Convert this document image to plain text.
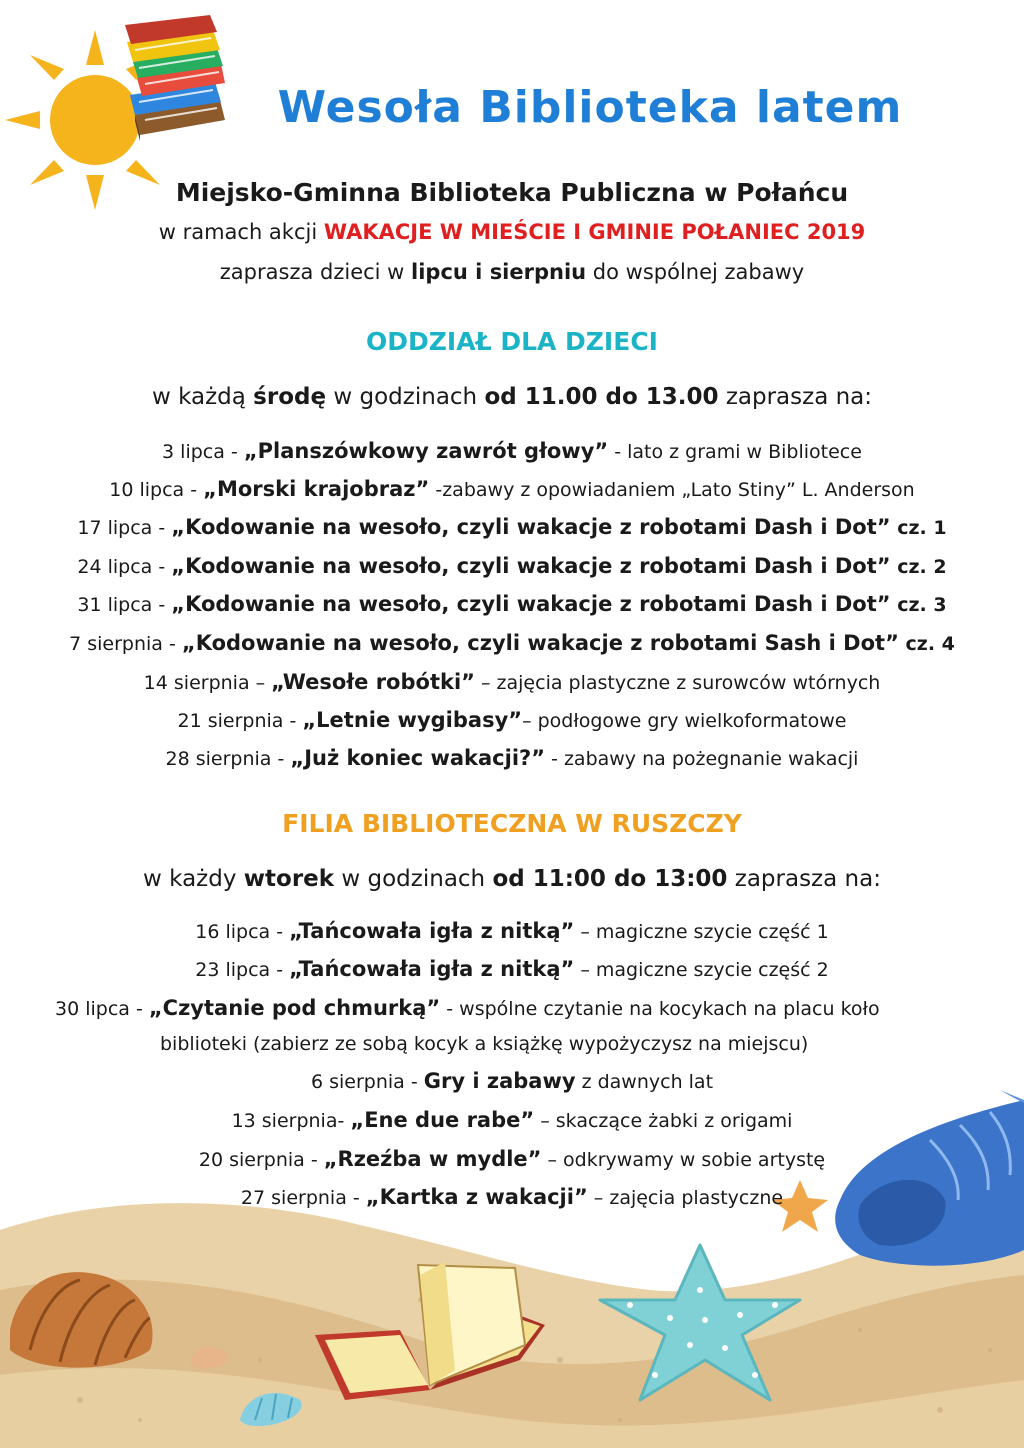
Wesoła Biblioteka latem
Miejsko-Gminna Biblioteka Publiczna w Połańcu
w ramach akcji WAKACJE W MIEŚCIE I GMINIE POŁANIEC 2019
zaprasza dzieci w lipcu i sierpniu do wspólnej zabawy
ODDZIAŁ DLA DZIECI
w każdą środę w godzinach od 11.00 do 13.00 zaprasza na:
3 lipca - „Planszówkowy zawrót głowy” - lato z grami w Bibliotece
10 lipca - „Morski krajobraz” -zabawy z opowiadaniem „Lato Stiny” L. Anderson
17 lipca - „Kodowanie na wesoło, czyli wakacje z robotami Dash i Dot” cz. 1
24 lipca - „Kodowanie na wesoło, czyli wakacje z robotami Dash i Dot” cz. 2
31 lipca - „Kodowanie na wesoło, czyli wakacje z robotami Dash i Dot” cz. 3
7 sierpnia - „Kodowanie na wesoło, czyli wakacje z robotami Sash i Dot” cz. 4
14 sierpnia – „Wesołe robótki” – zajęcia plastyczne z surowców wtórnych
21 sierpnia - „Letnie wygibasy”– podłogowe gry wielkoformatowe
28 sierpnia - „Już koniec wakacji?” - zabawy na pożegnanie wakacji
FILIA BIBLIOTECZNA W RUSZCZY
w każdy wtorek w godzinach od 11:00 do 13:00 zaprasza na:
16 lipca - „Tańcowała igła z nitką” – magiczne szycie część 1
23 lipca - „Tańcowała igła z nitką” – magiczne szycie część 2
30 lipca - „Czytanie pod chmurką” - wspólne czytanie na kocykach na placu koło
biblioteki (zabierz ze sobą kocyk a książkę wypożyczysz na miejscu)
6 sierpnia - Gry i zabawy z dawnych lat
13 sierpnia- „Ene due rabe” – skaczące żabki z origami
20 sierpnia - „Rzeźba w mydle” – odkrywamy w sobie artystę
27 sierpnia - „Kartka z wakacji” – zajęcia plastyczne
